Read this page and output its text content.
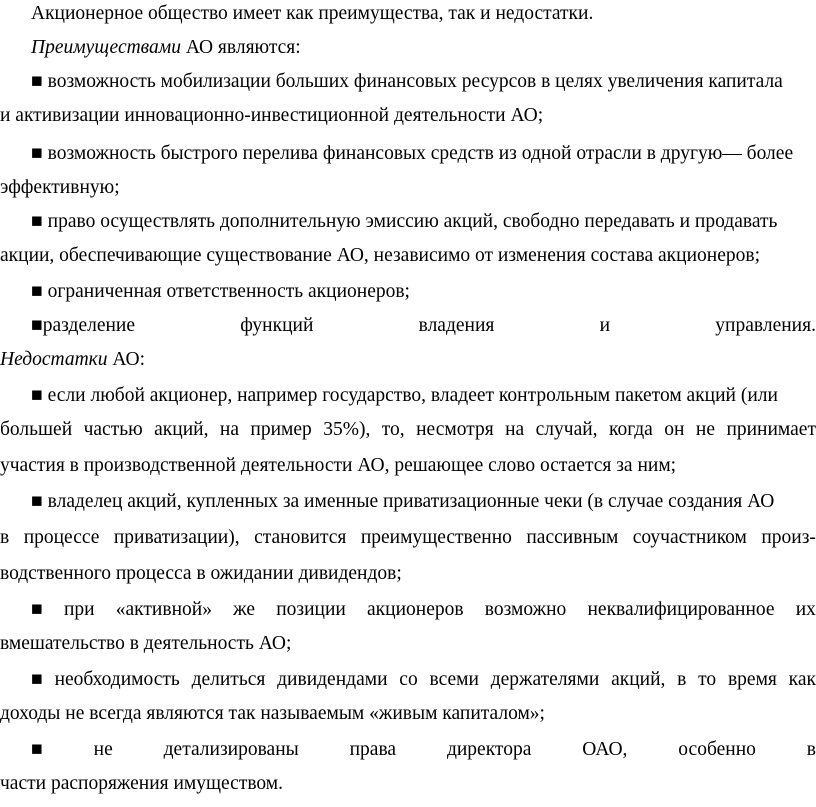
Акционерное общество имеет как преимущества, так и недостатки.
Преимуществами АО являются:
■ возможность мобилизации больших финансовых ресурсов в целях увеличения капитала
и активизации инновационно-инвестиционной деятельности АО;
■ возможность быстрого перелива финансовых средств из одной отрасли в другую— более
эффективную;
■ право осуществлять дополнительную эмиссию акций, свободно передавать и продавать
акции, обеспечивающие существование АО, независимо от изменения состава акционеров;
■ ограниченная ответственность акционеров;
■разделение	функций	владения	и	управления.
Недостатки АО:
■ если любой акционер, например государство, владеет контрольным пакетом акций (или
большей частью акций, на пример 35%), то, несмотря на случай, когда он не принимает
участия в производственной деятельности АО, решающее слово остается за ним;
■ владелец акций, купленных за именные приватизационные чеки (в случае создания АО
в процессе приватизации), становится преимущественно пассивным соучастником произ-
водственного процесса в ожидании дивидендов;
■ при «активной» же позиции акционеров возможно неквалифицированное их
вмешательство в деятельность АО;
■ необходимость делиться дивидендами со всеми держателями акций, в то время как
доходы не всегда являются так называемым «живым капиталом»;
■	не	детализированы	права	директора	ОАО,	особенно	в
части распоряжения имуществом.
